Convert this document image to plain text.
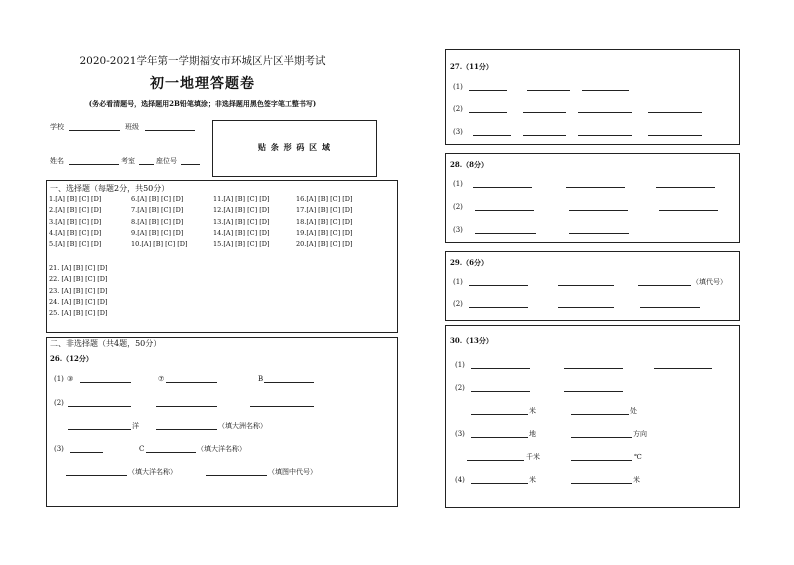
2020-2021学年第一学期福安市环城区片区半期考试
初一地理答题卷
(务必看清题号，选择题用2B铅笔填涂；非选择题用黑色签字笔工整书写)
学校	班级
姓名	考室	座位号
贴 条 形 码 区 域
一、选择题（每题2分，共50分）
1.[A] [B] [C] [D]
2.[A] [B] [C] [D]
3.[A] [B] [C] [D]
4.[A] [B] [C] [D]
5.[A] [B] [C] [D]
6.[A] [B] [C] [D]
7.[A] [B] [C] [D]
8.[A] [B] [C] [D]
9.[A] [B] [C] [D]
10.[A] [B] [C] [D]
11.[A] [B] [C] [D]
12.[A] [B] [C] [D]
13.[A] [B] [C] [D]
14.[A] [B] [C] [D]
15.[A] [B] [C] [D]
16.[A] [B] [C] [D]
17.[A] [B] [C] [D]
18.[A] [B] [C] [D]
19.[A] [B] [C] [D]
20.[A] [B] [C] [D]
21. [A] [B] [C] [D]
22. [A] [B] [C] [D]
23. [A] [B] [C] [D]
24. [A] [B] [C] [D]
25. [A] [B] [C] [D]
二、非选择题（共4题，50分）
26.（12分）
(1) ③	⑦	B
(2)
洋	（填大洲名称）
(3)	C	（填大洋名称）
（填大洋名称）	（填图中代号）
27.（11分）
(1)
(2)
(3)
28.（8分）
(1)
(2)
(3)
29.（6分）
(1)	（填代号）
(2)
30.（13分）
(1)
(2)
米	处
(3)	地	方向
千米	℃
(4)	米	米
